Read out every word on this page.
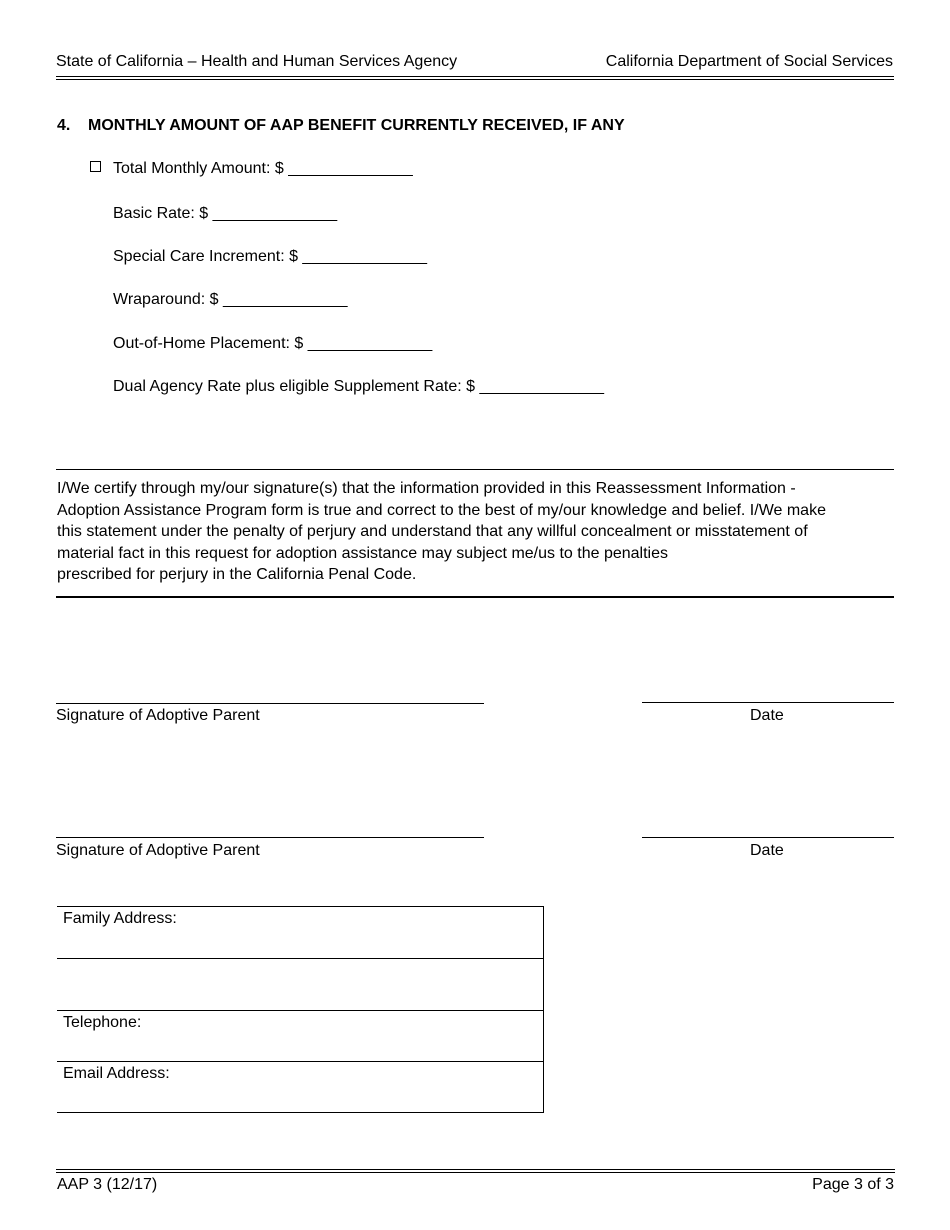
State of California – Health and Human Services Agency	California Department of Social Services
4. MONTHLY AMOUNT OF AAP BENEFIT CURRENTLY RECEIVED, IF ANY
Total Monthly Amount: $ ______________
Basic Rate: $ ______________
Special Care Increment: $ ______________
Wraparound: $ ______________
Out-of-Home Placement: $ ______________
Dual Agency Rate plus eligible Supplement Rate: $ ______________
I/We certify through my/our signature(s) that the information provided in this Reassessment Information -
Adoption Assistance Program form is true and correct to the best of my/our knowledge and belief. I/We make
this statement under the penalty of perjury and understand that any willful concealment or misstatement of
material fact in this request for adoption assistance may subject me/us to the penalties
prescribed for perjury in the California Penal Code.
Signature of Adoptive Parent	Date
Signature of Adoptive Parent	Date
Family Address:
Telephone:
Email Address:
AAP 3 (12/17)	Page 3 of 3
